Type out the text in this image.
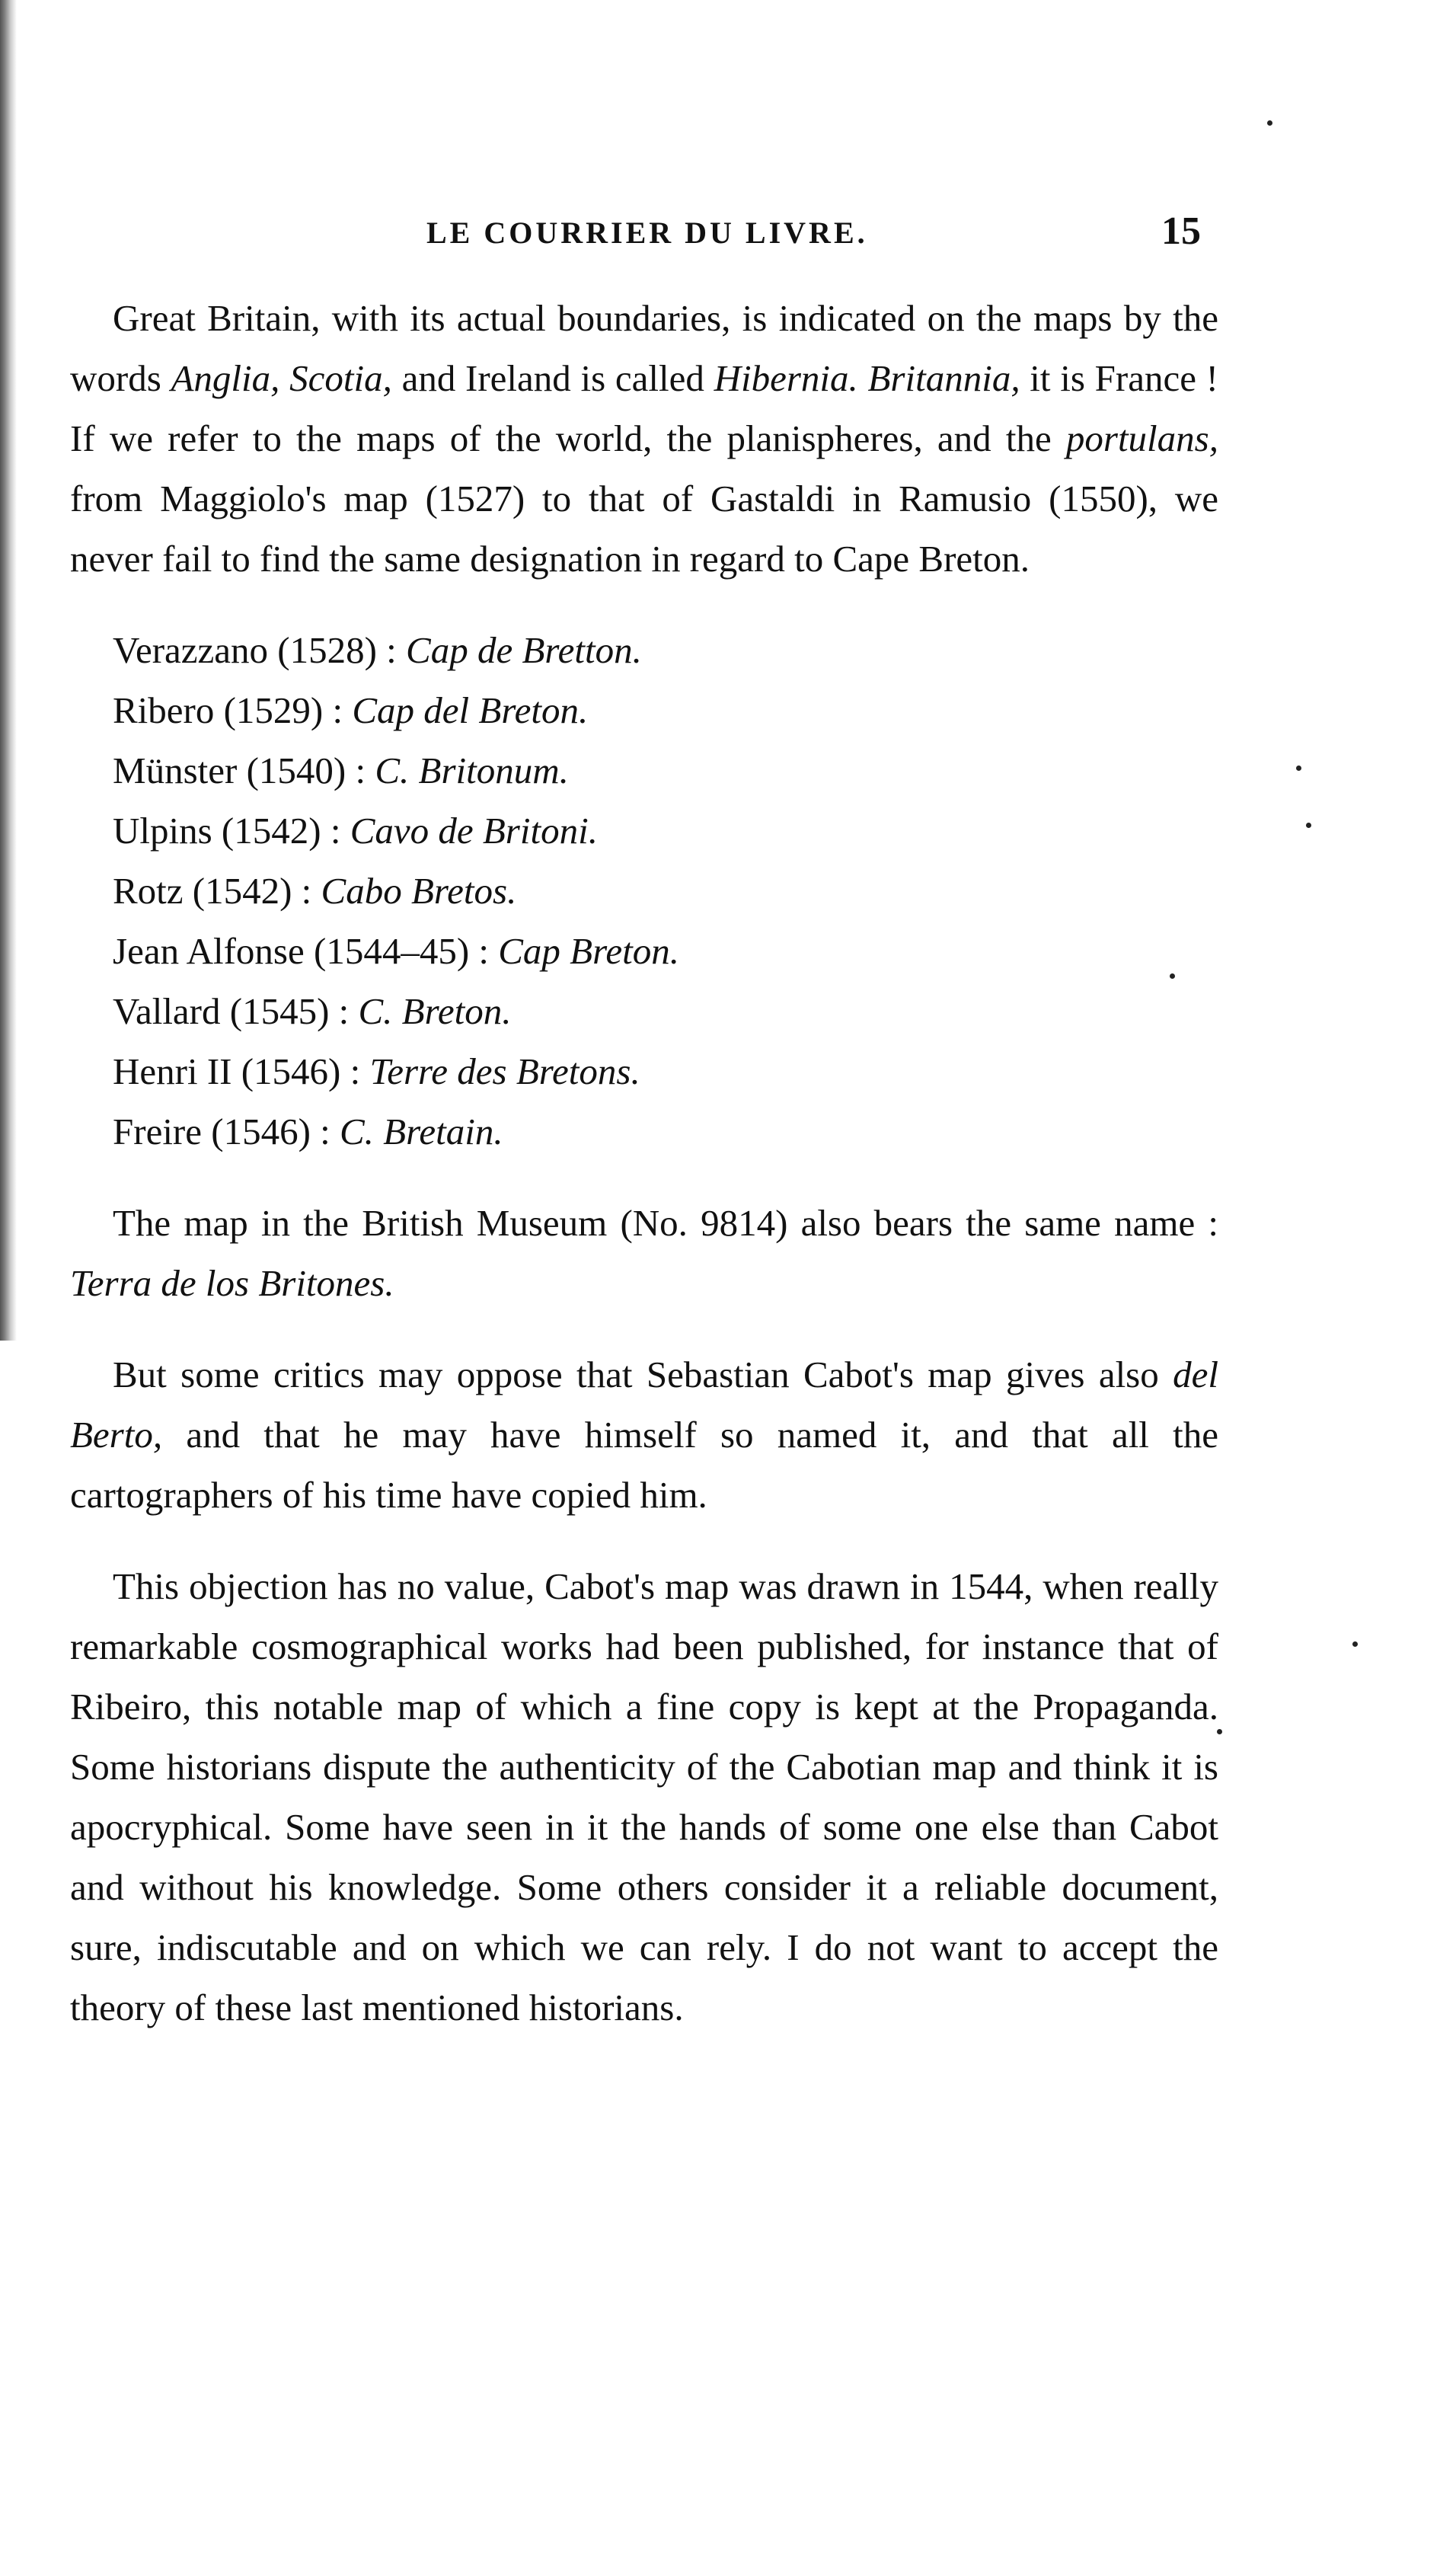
LE COURRIER DU LIVRE.	15

Great Britain, with its actual boundaries, is indicated on the maps by the words Anglia, Scotia, and Ireland is called Hibernia. Britannia, it is France ! If we refer to the maps of the world, the planispheres, and the portulans, from Maggiolo's map (1527) to that of Gastaldi in Ramusio (1550), we never fail to find the same designation in regard to Cape Breton.

Verazzano (1528) : Cap de Bretton.
Ribero (1529) : Cap del Breton.
Münster (1540) : C. Britonum.
Ulpins (1542) : Cavo de Britoni.
Rotz (1542) : Cabo Bretos.
Jean Alfonse (1544–45) : Cap Breton.
Vallard (1545) : C. Breton.
Henri II (1546) : Terre des Bretons.
Freire (1546) : C. Bretain.

The map in the British Museum (No. 9814) also bears the same name : Terra de los Britones.

But some critics may oppose that Sebastian Cabot's map gives also del Berto, and that he may have himself so named it, and that all the cartographers of his time have copied him.

This objection has no value, Cabot's map was drawn in 1544, when really remarkable cosmographical works had been published, for instance that of Ribeiro, this notable map of which a fine copy is kept at the Propaganda. Some historians dispute the authenticity of the Cabotian map and think it is apocryphical. Some have seen in it the hands of some one else than Cabot and without his knowledge. Some others consider it a reliable document, sure, indiscutable and on which we can rely. I do not want to accept the theory of these last mentioned historians.
